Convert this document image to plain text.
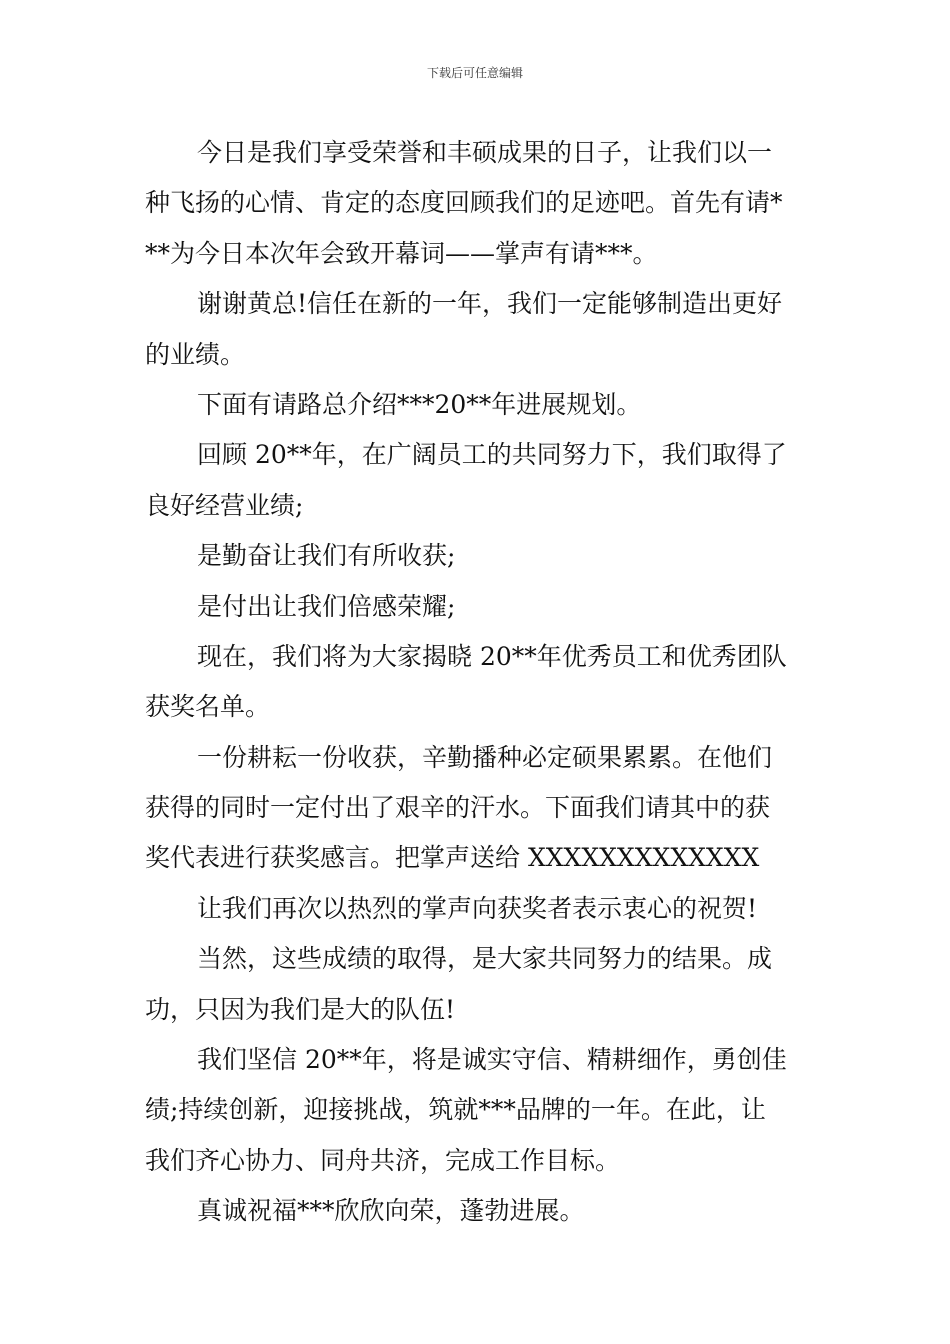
下载后可任意编辑
今日是我们享受荣誉和丰硕成果的日子，让我们以一
种飞扬的心情、肯定的态度回顾我们的足迹吧。首先有请*
**为今日本次年会致开幕词——掌声有请***。
谢谢黄总!信任在新的一年，我们一定能够制造出更好
的业绩。
下面有请路总介绍***20**年进展规划。
回顾 20**年，在广阔员工的共同努力下，我们取得了
良好经营业绩;
是勤奋让我们有所收获;
是付出让我们倍感荣耀;
现在，我们将为大家揭晓 20**年优秀员工和优秀团队
获奖名单。
一份耕耘一份收获，辛勤播种必定硕果累累。在他们
获得的同时一定付出了艰辛的汗水。下面我们请其中的获
奖代表进行获奖感言。把掌声送给 XXXXXXXXXXXXX
让我们再次以热烈的掌声向获奖者表示衷心的祝贺!
当然，这些成绩的取得，是大家共同努力的结果。成
功，只因为我们是大的队伍!
我们坚信 20**年，将是诚实守信、精耕细作，勇创佳
绩;持续创新，迎接挑战，筑就***品牌的一年。在此，让
我们齐心协力、同舟共济，完成工作目标。
真诚祝福***欣欣向荣，蓬勃进展。
